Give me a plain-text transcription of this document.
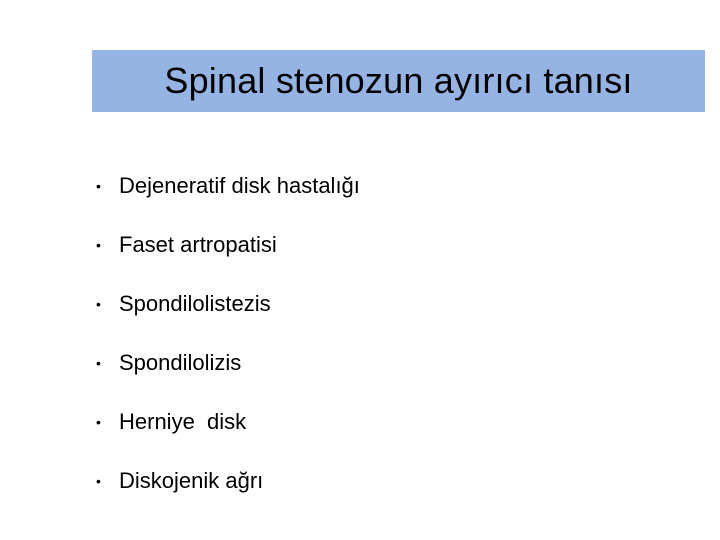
Spinal stenozun ayırıcı tanısı
• Dejeneratif disk hastalığı
• Faset artropatisi
• Spondilolistezis
• Spondilolizis
• Herniye  disk
• Diskojenik ağrı
